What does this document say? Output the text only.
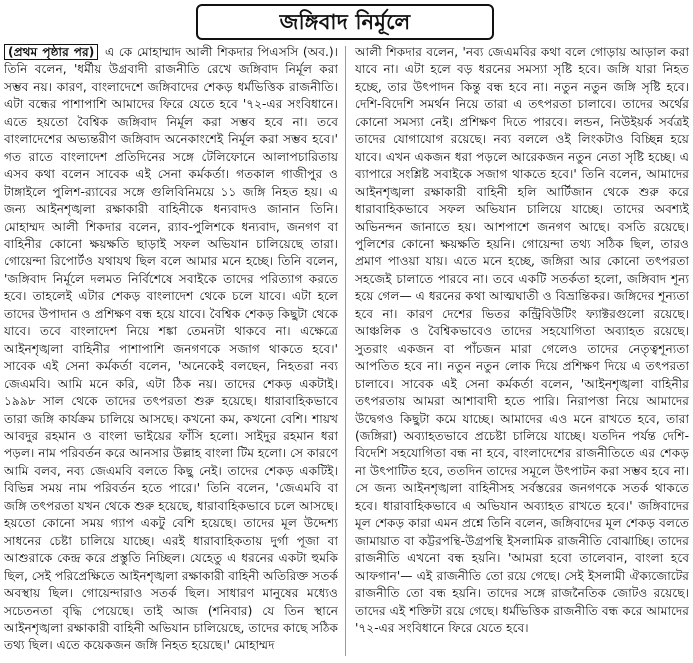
জঙ্গিবাদ নির্মূলে
(প্রথম পৃষ্ঠার পর) এ কে মোহাম্মাদ আলী শিকদার পিএসসি (অব.)। তিনি বলেন, 'ধর্মীয় উগ্রবাদী রাজনীতি রেখে জঙ্গিবাদ নির্মূল করা সম্ভব নয়। কারণ, বাংলাদেশে জঙ্গিবাদের শেকড় ধর্মভিত্তিক রাজনীতি। এটা বন্ধের পাশাপাশি আমাদের ফিরে যেতে হবে '৭২-এর সংবিধানে। এতে হয়তো বৈশ্বিক জঙ্গিবাদ নির্মূল করা সম্ভব হবে না। তবে বাংলাদেশের অভ্যন্তরীণ জঙ্গিবাদ অনেকাংশেই নির্মূল করা সম্ভব হবে।' গত রাতে বাংলাদেশ প্রতিদিনের সঙ্গে টেলিফোনে আলাপচারিতায় এসব কথা বলেন সাবেক এই সেনা কর্মকর্তা। গতকাল গাজীপুর ও টাঙ্গাইলে পুলিশ-র‍্যাবের সঙ্গে গুলিবিনিময়ে ১১ জঙ্গি নিহত হয়। এ জন্য আইনশৃঙ্খলা রক্ষাকারী বাহিনীকে ধন্যবাদও জানান তিনি। মোহাম্মদ আলী শিকদার বলেন, র‍্যাব-পুলিশকে ধন্যবাদ, জনগণ বা বাহিনীর কোনো ক্ষয়ক্ষতি ছাড়াই সফল অভিযান চালিয়েছে তারা। গোয়েন্দা রিপোর্টও যথাযথ ছিল বলে আমার মনে হচ্ছে। তিনি বলেন, 'জঙ্গিবাদ নির্মূলে দলমত নির্বিশেষে সবাইকে তাদের পরিত্যাগ করতে হবে। তাহলেই এটার শেকড় বাংলাদেশ থেকে চলে যাবে। এটা হলে তাদের উপাদান ও প্রশিক্ষণ বন্ধ হয়ে যাবে। বৈশ্বিক শেকড় কিছুটা থেকে যাবে। তবে বাংলাদেশ নিয়ে শঙ্কা তেমনটা থাকবে না। এক্ষেত্রে আইনশৃঙ্খলা বাহিনীর পাশাপাশি জনগণকে সজাগ থাকতে হবে।' সাবেক এই সেনা কর্মকর্তা বলেন, 'অনেকেই বলছেন, নিহতরা নব্য জেএমবি। আমি মনে করি, এটা ঠিক নয়। তাদের শেকড় একটাই। ১৯৯৮ সাল থেকে তাদের তৎপরতা শুরু হয়েছে। ধারাবাহিকভাবে তারা জঙ্গি কার্যক্রম চালিয়ে আসছে। কখনো কম, কখনো বেশি। শায়খ আবদুর রহমান ও বাংলা ভাইয়ের ফাঁসি হলো। সাইদুর রহমান ধরা পড়ল। নাম পরিবর্তন করে আনসার উল্লাহ বাংলা টিম হলো। সে কারণে আমি বলব, নব্য জেএমবি বলতে কিছু নেই। তাদের শেকড় একটিই। বিভিন্ন সময় নাম পরিবর্তন হতে পারে।' তিনি বলেন, 'জেএমবি বা জঙ্গি তৎপরতা যখন থেকে শুরু হয়েছে, ধারাবাহিকভাবে চলে আসছে। হয়তো কোনো সময় গ্যাপ একটু বেশি হয়েছে। তাদের মূল উদ্দেশ্য সাধনের চেষ্টা চালিয়ে যাচ্ছে। এরই ধারাবাহিকতায় দুর্গা পূজা বা আশুরাকে কেন্দ্র করে প্রস্তুতি নিচ্ছিল। যেহেতু এ ধরনের একটা হুমকি ছিল, সেই পরিপ্রেক্ষিতে আইনশৃঙ্খলা রক্ষাকারী বাহিনী অতিরিক্ত সতর্ক অবস্থায় ছিল। গোয়েন্দারাও সতর্ক ছিল। সাধারণ মানুষের মধ্যেও সচেতনতা বৃদ্ধি পেয়েছে। তাই আজ (শনিবার) যে তিন স্থানে আইনশৃঙ্খলা রক্ষাকারী বাহিনী অভিযান চালিয়েছে, তাদের কাছে সঠিক তথ্য ছিল। এতে কয়েকজন জঙ্গি নিহত হয়েছে।' মোহাম্মদ
আলী শিকদার বলেন, 'নব্য জেএমবির কথা বলে গোড়ায় আড়াল করা যাবে না। এটা হলে বড় ধরনের সমস্যা সৃষ্টি হবে। জঙ্গি যারা নিহত হচ্ছে, তার উৎপাদন কিন্তু বন্ধ হবে না। নতুন নতুন জঙ্গি সৃষ্টি হবে। দেশি-বিদেশি সমর্থন নিয়ে তারা এ তৎপরতা চালাবে। তাদের অর্থের কোনো সমস্যা নেই। প্রশিক্ষণ দিতে পারবে। লন্ডন, নিউইয়র্ক সর্বত্রই তাদের যোগাযোগ রয়েছে। নব্য বললে ওই লিংকটাও বিচ্ছিন্ন হয়ে যাবে। এখন একজন ধরা পড়লে আরেকজন নতুন নেতা সৃষ্টি হচ্ছে। এ ব্যাপারে সংশ্লিষ্ট সবাইকে সজাগ থাকতে হবে।' তিনি বলেন, আমাদের আইনশৃঙ্খলা রক্ষাকারী বাহিনী হলি আর্টিজান থেকে শুরু করে ধারাবাহিকভাবে সফল অভিযান চালিয়ে যাচ্ছে। তাদের অবশ্যই অভিনন্দন জানাতে হয়। আশপাশে জনগণ আছে। বসতি রয়েছে। পুলিশের কোনো ক্ষয়ক্ষতি হয়নি। গোয়েন্দা তথ্য সঠিক ছিল, তারও প্রমাণ পাওয়া যায়। এতে মনে হচ্ছে, জঙ্গিরা আর কোনো তৎপরতা সহজেই চালাতে পারবে না। তবে একটি সতর্কতা হলো, জঙ্গিবাদ শূন্য হয়ে গেল— এ ধরনের কথা আত্মঘাতী ও বিভ্রান্তিকর। জঙ্গিদের শূন্যতা হবে না। কারণ দেশের ভিতর কন্ট্রিবিউটিং ফ্যাক্টরগুলো রয়েছে। আঞ্চলিক ও বৈশ্বিকভাবেও তাদের সহযোগিতা অব্যাহত রয়েছে। সুতরাং একজন বা পাঁচজন মারা গেলেও তাদের নেতৃত্বশূন্যতা আপতিত হবে না। নতুন নতুন লোক দিয়ে প্রশিক্ষণ দিয়ে এ তৎপরতা চালাবে। সাবেক এই সেনা কর্মকর্তা বলেন, 'আইনশৃঙ্খলা বাহিনীর তৎপরতায় আমরা আশাবাদী হতে পারি। নিরাপত্তা নিয়ে আমাদের উদ্বেগও কিছুটা কমে যাচ্ছে। আমাদের এও মনে রাখতে হবে, তারা (জঙ্গিরা) অব্যাহতভাবে প্রচেষ্টা চালিয়ে যাচ্ছে। যতদিন পর্যন্ত দেশি-বিদেশি সহযোগিতা বন্ধ না হবে, বাংলাদেশের রাজনীতিতে এর শেকড় না উৎপাটিত হবে, ততদিন তাদের সমূলে উৎপাটন করা সম্ভব হবে না। সে জন্য আইনশৃঙ্খলা বাহিনীসহ সর্বস্তরের জনগণকে সতর্ক থাকতে হবে। ধারাবাহিকভাবে এ অভিযান অব্যাহত রাখতে হবে।' জঙ্গিবাদের মূল শেকড় কারা এমন প্রশ্নে তিনি বলেন, জঙ্গিবাদের মূল শেকড় বলতে জামায়াত বা কট্টরপন্থি-উগ্রপন্থি ইসলামিক রাজনীতি বোঝাচ্ছি। তাদের রাজনীতি এখনো বন্ধ হয়নি। 'আমরা হবো তালেবান, বাংলা হবে আফগান'— এই রাজনীতি তো রয়ে গেছে। সেই ইসলামী ঐক্যজোটের রাজনীতি তো বন্ধ হয়নি। তাদের সঙ্গে রাজনৈতিক জোটও রয়েছে। তাদের এই শক্তিটা রয়ে গেছে। ধর্মভিত্তিক রাজনীতি বন্ধ করে আমাদের '৭২-এর সংবিধানে ফিরে যেতে হবে।
